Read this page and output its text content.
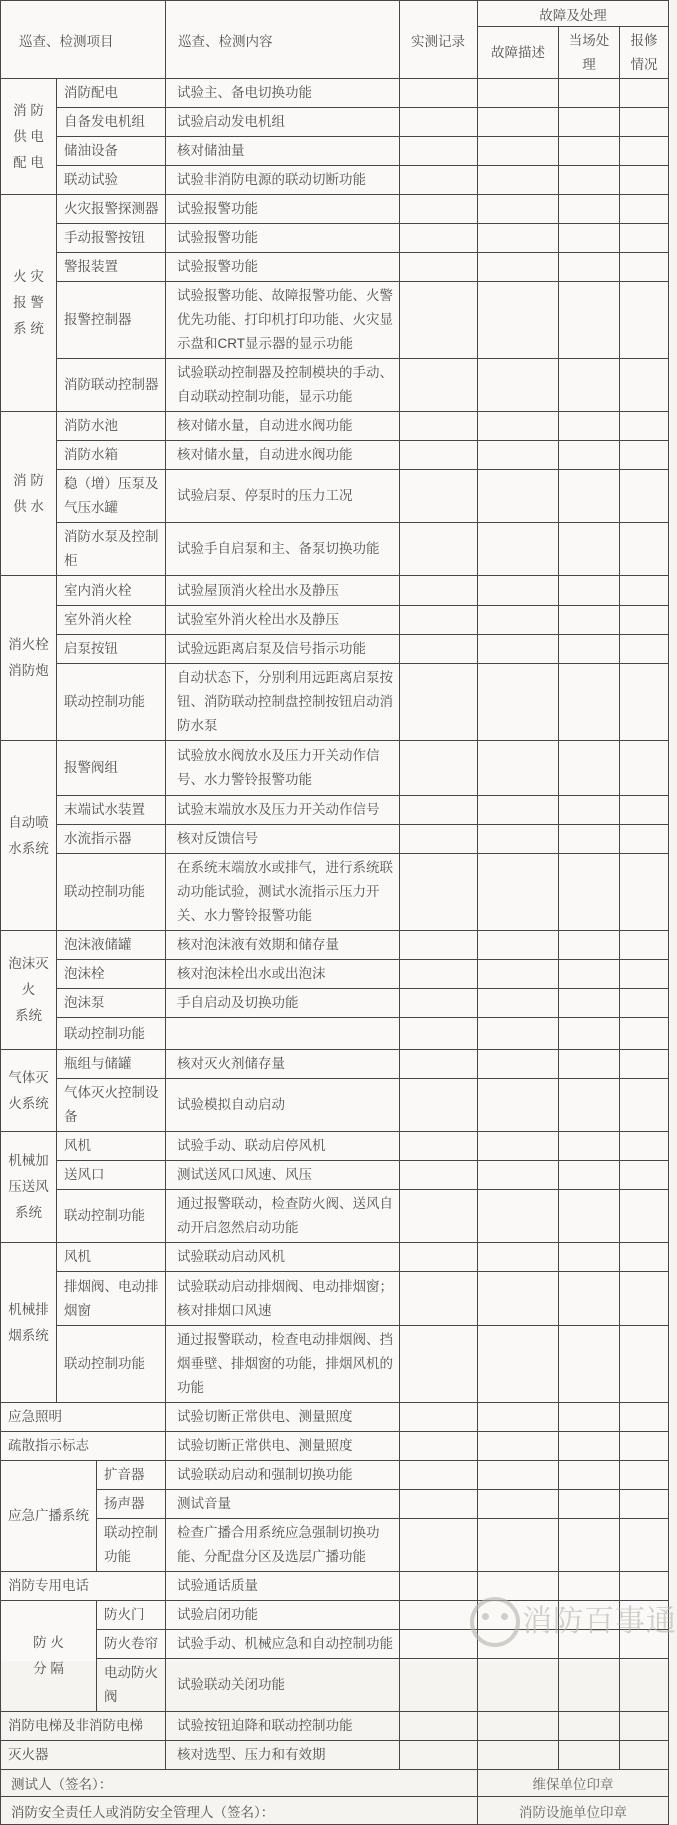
巡查、检测项目			巡查、检测内容	实测记录	故障及处理		
					故障描述	当场处理	报修情况

消 防
供 电
配 电	消防配电		试验主、备电切换功能				
	自备发电机组		试验启动发电机组				
	储油设备		核对储油量				
	联动试验		试验非消防电源的联动切断功能				

火 灾
报 警
系 统	火灾报警探测器		试验报警功能				
	手动报警按钮		试验报警功能				
	警报装置		试验报警功能				
	报警控制器		试验报警功能、故障报警功能、火警优先功能、打印机打印功能、火灾显示盘和CRT显示器的显示功能				
	消防联动控制器		试验联动控制器及控制模块的手动、自动联动控制功能，显示功能				

消 防
供 水	消防水池		核对储水量，自动进水阀功能				
	消防水箱		核对储水量，自动进水阀功能				
	稳（增）压泵及气压水罐		试验启泵、停泵时的压力工况				
	消防水泵及控制柜		试验手自启泵和主、备泵切换功能				

消火栓
消防炮	室内消火栓		试验屋顶消火栓出水及静压				
	室外消火栓		试验室外消火栓出水及静压				
	启泵按钮		试验远距离启泵及信号指示功能				
	联动控制功能		自动状态下，分别利用远距离启泵按钮、消防联动控制盘控制按钮启动消防水泵				

自动喷
水系统	报警阀组		试验放水阀放水及压力开关动作信号、水力警铃报警功能				
	末端试水装置		试验末端放水及压力开关动作信号				
	水流指示器		核对反馈信号				
	联动控制功能		在系统末端放水或排气，进行系统联动功能试验，测试水流指示压力开关、水力警铃报警功能				

泡沫灭
火
系统	泡沫液储罐		核对泡沫液有效期和储存量				
	泡沫栓		核对泡沫栓出水或出泡沫				
	泡沫泵		手自启动及切换功能				
	联动控制功能						

气体灭
火系统	瓶组与储罐		核对灭火剂储存量				
	气体灭火控制设备		试验模拟自动启动				

机械加
压送风
系统	风机		试验手动、联动启停风机				
	送风口		测试送风口风速、风压				
	联动控制功能		通过报警联动，检查防火阀、送风自动开启忽然启动功能				

机械排
烟系统	风机		试验联动启动风机				
	排烟阀、电动排烟窗		试验联动启动排烟阀、电动排烟窗；核对排烟口风速				
	联动控制功能		通过报警联动，检查电动排烟阀、挡烟垂壁、排烟窗的功能，排烟风机的功能				
应急照明			试验切断正常供电、测量照度				
疏散指示标志			试验切断正常供电、测量照度				

应急广播系统		扩音器	试验联动启动和强制切换功能				
		扬声器	测试音量				
		联动控制功能	检查广播合用系统应急强制切换功能、分配盘分区及选层广播功能				
消防专用电话			试验通话质量				

防 火
分 隔		防火门	试验启闭功能				
		防火卷帘	试验手动、机械应急和自动控制功能				
		电动防火阀	试验联动关闭功能				
消防电梯及非消防电梯			试验按钮迫降和联动控制功能				
灭火器			核对选型、压力和有效期				
测试人（签名）：					维保单位印章		
消防安全责任人或消防安全管理人（签名）：					消防设施单位印章		
消防百事通
